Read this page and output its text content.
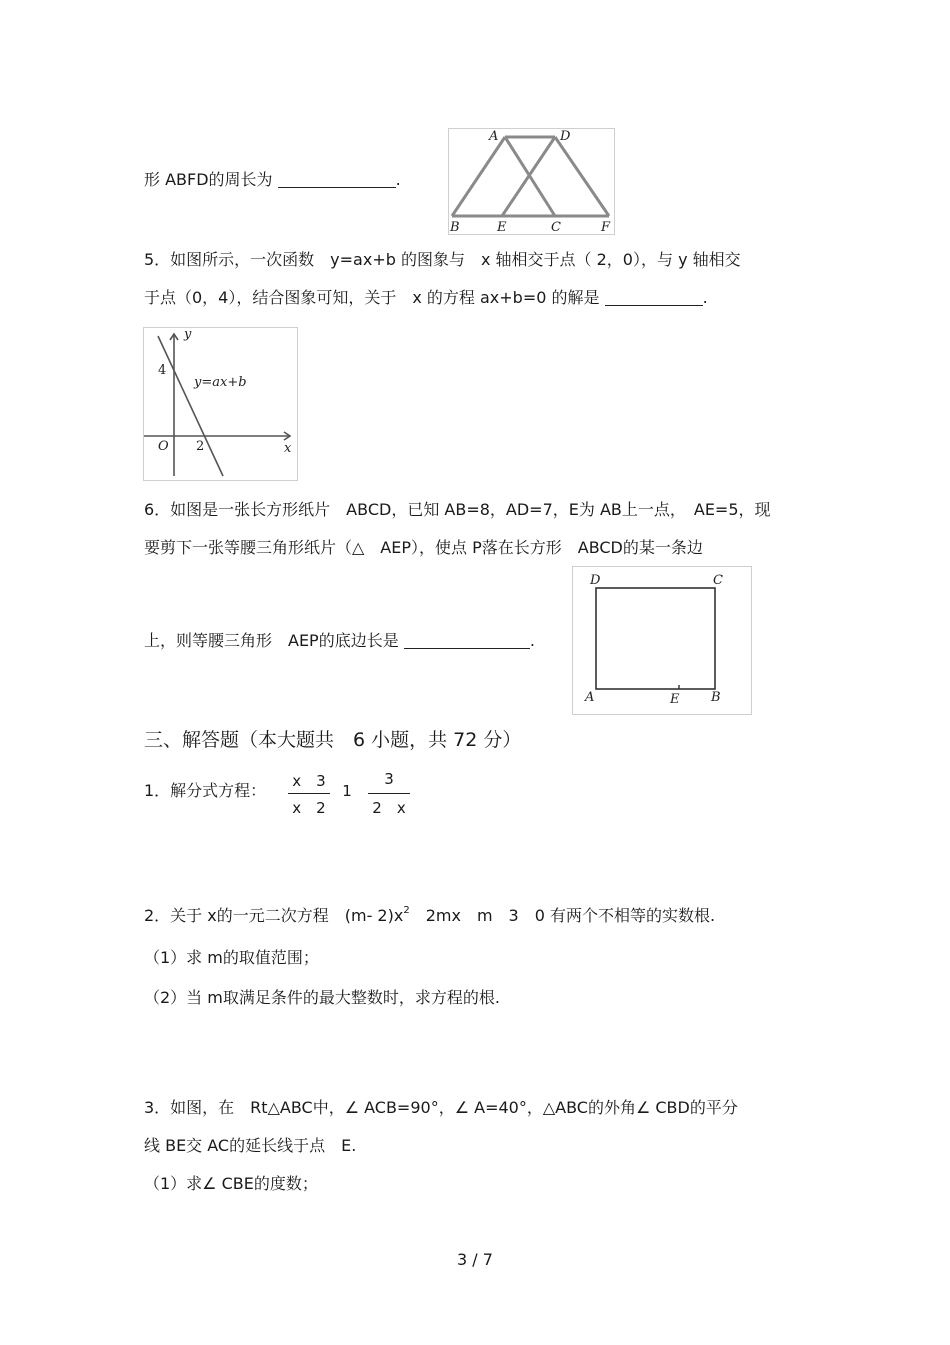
形 ABFD的周长为	.
A	D
B	E	C	F
5．如图所示，一次函数　y=ax+b 的图象与　x 轴相交于点（ 2，0），与 y 轴相交
于点（0，4），结合图象可知，关于　x 的方程 ax+b=0 的解是	.
y
x
O
4
2
y=ax+b
6．如图是一张长方形纸片　ABCD，已知 AB=8，AD=7，E为 AB上一点，　AE=5，现
要剪下一张等腰三角形纸片（△　AEP），使点 P落在长方形　ABCD的某一条边
上，则等腰三角形　AEP的底边长是	.
D	C
A	E B
三、解答题（本大题共　6 小题，共 72 分）
1．解分式方程： x　3
x　2
1
3
2　x
2．关于 x的一元二次方程　(m- $2)x^2$　2mx　m　3　0 有两个不相等的实数根.
（1）求 m的取值范围；
（2）当 m取满足条件的最大整数时，求方程的根.
3．如图，在　Rt△ABC中，∠ ACB=90°，∠ A=40°，△ABC的外角∠ CBD的平分
线 BE交 AC的延长线于点　E.
（1）求∠ CBE的度数；
3 / 7
